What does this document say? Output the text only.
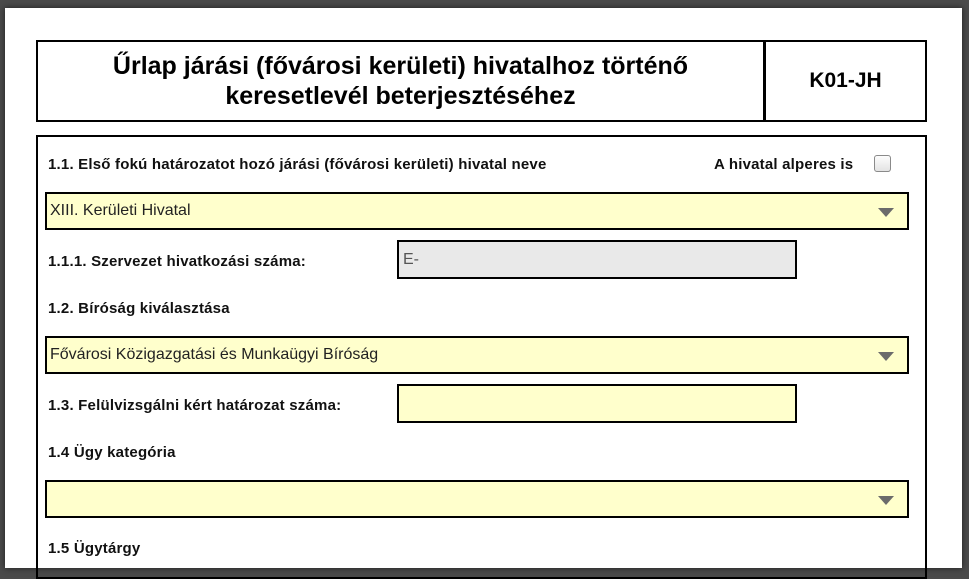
Űrlap járási (fővárosi kerületi) hivatalhoz történő
keresetlevél beterjesztéséhez
K01-JH
1.1. Első fokú határozatot hozó járási (fővárosi kerületi) hivatal neve	A hivatal alperes is
XIII. Kerületi Hivatal
1.1.1. Szervezet hivatkozási száma:	E-
1.2. Bíróság kiválasztása
Fővárosi Közigazgatási és Munkaügyi Bíróság
1.3. Felülvizsgálni kért határozat száma:
1.4 Ügy kategória
1.5 Ügytárgy
